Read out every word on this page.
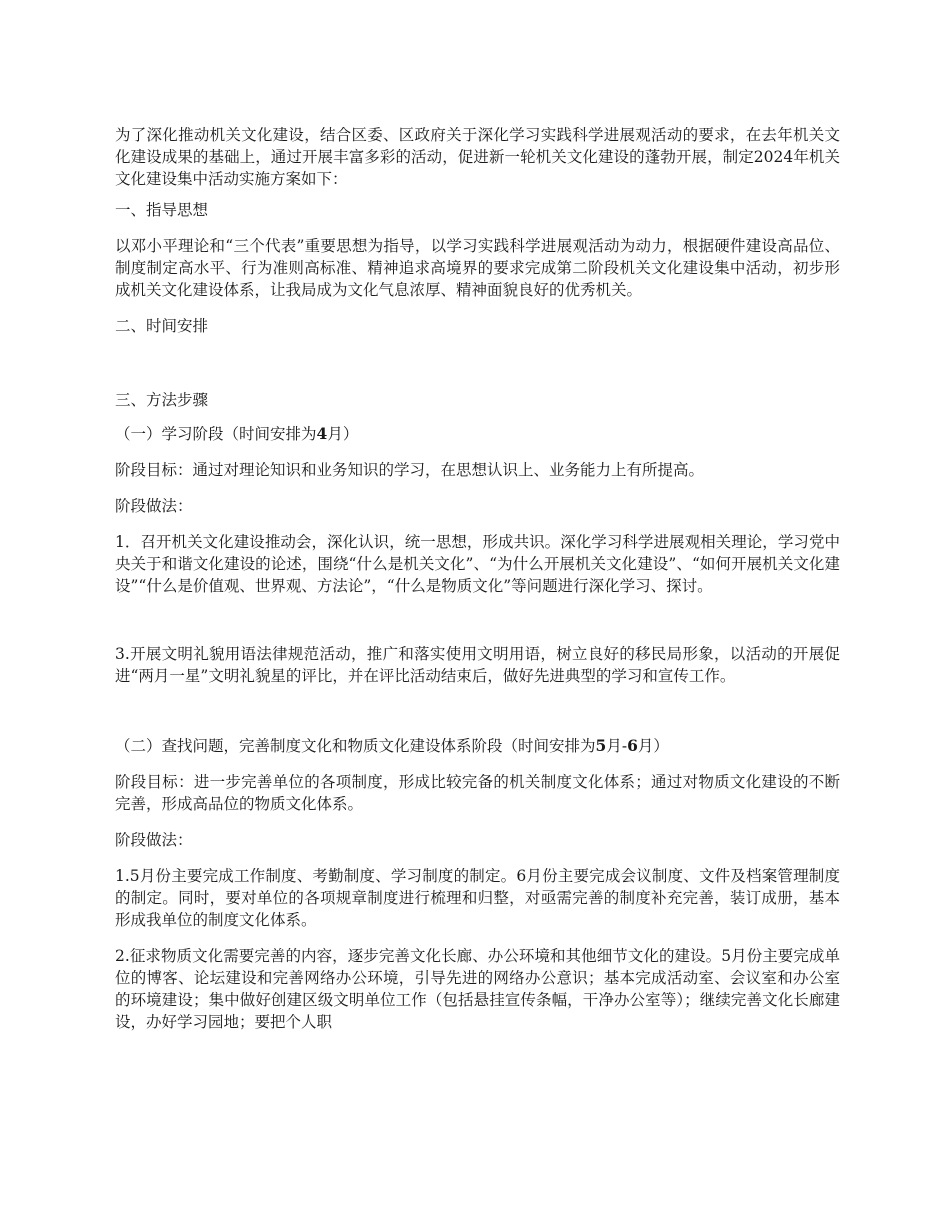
为了深化推动机关文化建设，结合区委、区政府关于深化学习实践科学进展观活动的要求，在去年机关文化建设成果的基础上，通过开展丰富多彩的活动，促进新一轮机关文化建设的蓬勃开展，制定2024年机关文化建设集中活动实施方案如下：

一、指导思想

以邓小平理论和“三个代表”重要思想为指导，以学习实践科学进展观活动为动力，根据硬件建设高品位、制度制定高水平、行为准则高标准、精神追求高境界的要求完成第二阶段机关文化建设集中活动，初步形成机关文化建设体系，让我局成为文化气息浓厚、精神面貌良好的优秀机关。

二、时间安排

三、方法步骤

（一）学习阶段（时间安排为4月）

阶段目标：通过对理论知识和业务知识的学习，在思想认识上、业务能力上有所提高。

阶段做法：

1．召开机关文化建设推动会，深化认识，统一思想，形成共识。深化学习科学进展观相关理论，学习党中央关于和谐文化建设的论述，围绕“什么是机关文化”、“为什么开展机关文化建设”、“如何开展机关文化建设”“什么是价值观、世界观、方法论”，“什么是物质文化”等问题进行深化学习、探讨。

3.开展文明礼貌用语法律规范活动，推广和落实使用文明用语，树立良好的移民局形象，以活动的开展促进“两月一星”文明礼貌星的评比，并在评比活动结束后，做好先进典型的学习和宣传工作。

（二）查找问题，完善制度文化和物质文化建设体系阶段（时间安排为5月-6月）

阶段目标：进一步完善单位的各项制度，形成比较完备的机关制度文化体系；通过对物质文化建设的不断完善，形成高品位的物质文化体系。

阶段做法：

1.5月份主要完成工作制度、考勤制度、学习制度的制定。6月份主要完成会议制度、文件及档案管理制度的制定。同时，要对单位的各项规章制度进行梳理和归整，对亟需完善的制度补充完善，装订成册，基本形成我单位的制度文化体系。

2.征求物质文化需要完善的内容，逐步完善文化长廊、办公环境和其他细节文化的建设。5月份主要完成单位的博客、论坛建设和完善网络办公环境，引导先进的网络办公意识；基本完成活动室、会议室和办公室的环境建设；集中做好创建区级文明单位工作（包括悬挂宣传条幅，干净办公室等）；继续完善文化长廊建设，办好学习园地；要把个人职
